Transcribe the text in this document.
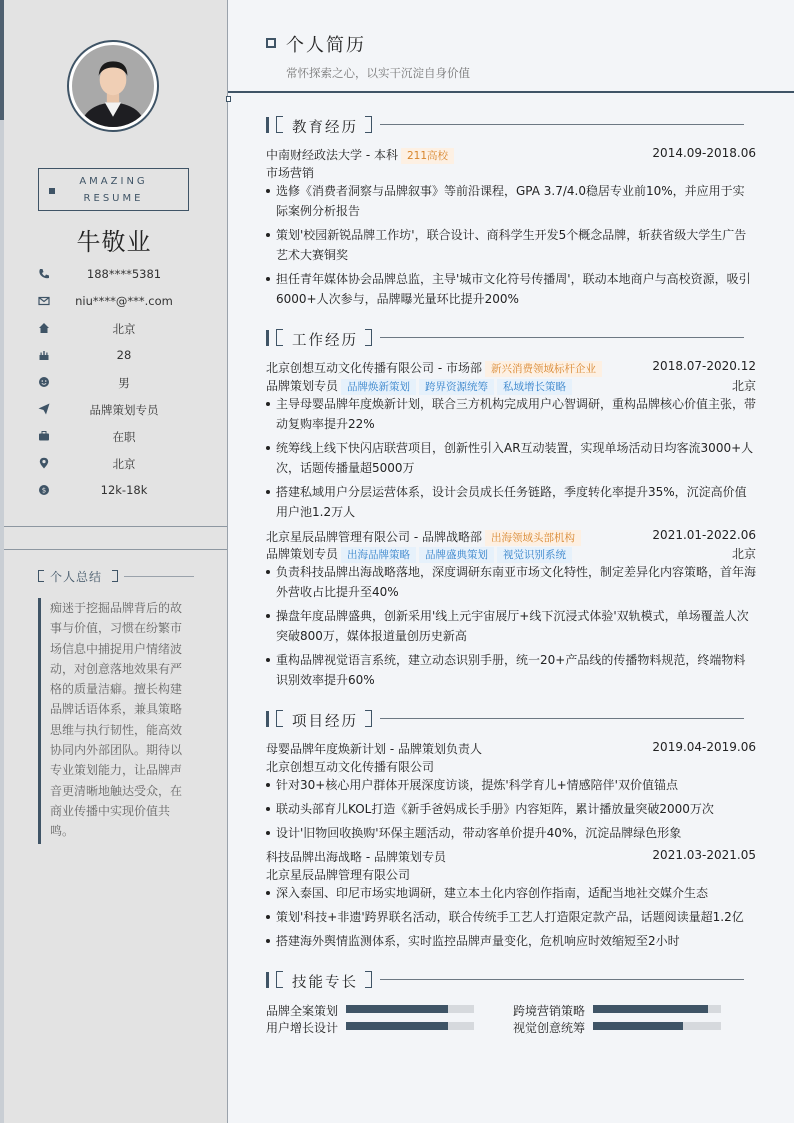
AMAZING
RESUME
牛敬业
188****5381
niu****@***.com
北京
28
男
品牌策划专员
在职
北京
$	12k-18k
个人总结
痴迷于挖掘品牌背后的故事与价值，习惯在纷繁市场信息中捕捉用户情绪波动，对创意落地效果有严格的质量洁癖。擅长构建品牌话语体系，兼具策略思维与执行韧性，能高效协同内外部团队。期待以专业策划能力，让品牌声音更清晰地触达受众，在商业传播中实现价值共鸣。
个人简历
常怀探索之心，以实干沉淀自身价值
教育经历
中南财经政法大学 - 本科 211高校	2014.09-2018.06
市场营销
选修《消费者洞察与品牌叙事》等前沿课程，GPA 3.7/4.0稳居专业前10%，并应用于实际案例分析报告
策划'校园新锐品牌工作坊'，联合设计、商科学生开发5个概念品牌，斩获省级大学生广告艺术大赛铜奖
担任青年媒体协会品牌总监，主导'城市文化符号传播周'，联动本地商户与高校资源，吸引6000+人次参与，品牌曝光量环比提升200%
工作经历
北京创想互动文化传播有限公司 - 市场部 新兴消费领域标杆企业	2018.07-2020.12
品牌策划专员 品牌焕新策划 跨界资源统筹 私域增长策略	北京
主导母婴品牌年度焕新计划，联合三方机构完成用户心智调研，重构品牌核心价值主张，带动复购率提升22%
统筹线上线下快闪店联营项目，创新性引入AR互动装置，实现单场活动日均客流3000+人次，话题传播量超5000万
搭建私域用户分层运营体系，设计会员成长任务链路，季度转化率提升35%，沉淀高价值用户池1.2万人
北京星辰品牌管理有限公司 - 品牌战略部 出海领域头部机构	2021.01-2022.06
品牌策划专员 出海品牌策略 品牌盛典策划 视觉识别系统	北京
负责科技品牌出海战略落地，深度调研东南亚市场文化特性，制定差异化内容策略，首年海外营收占比提升至40%
操盘年度品牌盛典，创新采用'线上元宇宙展厅+线下沉浸式体验'双轨模式，单场覆盖人次突破800万，媒体报道量创历史新高
重构品牌视觉语言系统，建立动态识别手册，统一20+产品线的传播物料规范，终端物料识别效率提升60%
项目经历
母婴品牌年度焕新计划 - 品牌策划负责人	2019.04-2019.06
北京创想互动文化传播有限公司
针对30+核心用户群体开展深度访谈，提炼'科学育儿+情感陪伴'双价值锚点
联动头部育儿KOL打造《新手爸妈成长手册》内容矩阵，累计播放量突破2000万次
设计'旧物回收换购'环保主题活动，带动客单价提升40%，沉淀品牌绿色形象
科技品牌出海战略 - 品牌策划专员	2021.03-2021.05
北京星辰品牌管理有限公司
深入泰国、印尼市场实地调研，建立本土化内容创作指南，适配当地社交媒介生态
策划'科技+非遗'跨界联名活动，联合传统手工艺人打造限定款产品，话题阅读量超1.2亿
搭建海外舆情监测体系，实时监控品牌声量变化，危机响应时效缩短至2小时
技能专长
品牌全案策划	跨境营销策略
用户增长设计	视觉创意统筹
